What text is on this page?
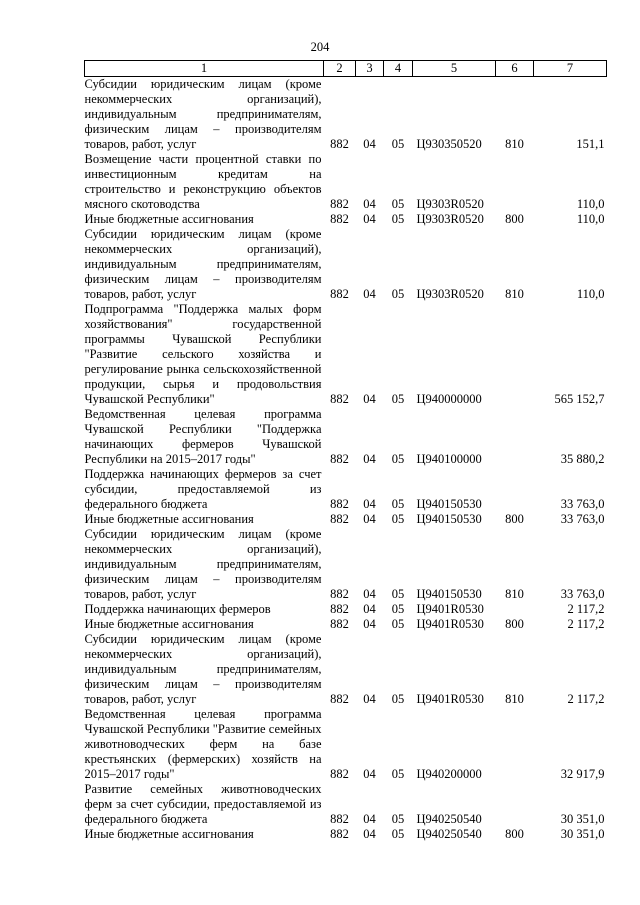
204
1	2	3	4	5	6	7
Субсидии юридическим лицам (кроме некоммерческих организаций), индивидуальным предпринимателям, физическим лицам – производителям товаров, работ, услуг	882	04	05	Ц930350520	810	151,1
Возмещение части процентной ставки по инвестиционным кредитам на строительство и реконструкцию объектов мясного скотоводства	882	04	05	Ц9303R0520		110,0
Иные бюджетные ассигнования	882	04	05	Ц9303R0520	800	110,0
Субсидии юридическим лицам (кроме некоммерческих организаций), индивидуальным предпринимателям, физическим лицам – производителям товаров, работ, услуг	882	04	05	Ц9303R0520	810	110,0
Подпрограмма "Поддержка малых форм хозяйствования" государственной программы Чувашской Республики "Развитие сельского хозяйства и регулирование рынка сельскохозяйственной продукции, сырья и продовольствия Чувашской Республики"	882	04	05	Ц940000000		565 152,7
Ведомственная целевая программа Чувашской Республики "Поддержка начинающих фермеров Чувашской Республики на 2015–2017 годы"	882	04	05	Ц940100000		35 880,2
Поддержка начинающих фермеров за счет субсидии, предоставляемой из федерального бюджета	882	04	05	Ц940150530		33 763,0
Иные бюджетные ассигнования	882	04	05	Ц940150530	800	33 763,0
Субсидии юридическим лицам (кроме некоммерческих организаций), индивидуальным предпринимателям, физическим лицам – производителям товаров, работ, услуг	882	04	05	Ц940150530	810	33 763,0
Поддержка начинающих фермеров	882	04	05	Ц9401R0530		2 117,2
Иные бюджетные ассигнования	882	04	05	Ц9401R0530	800	2 117,2
Субсидии юридическим лицам (кроме некоммерческих организаций), индивидуальным предпринимателям, физическим лицам – производителям товаров, работ, услуг	882	04	05	Ц9401R0530	810	2 117,2
Ведомственная целевая программа Чувашской Республики "Развитие семейных животноводческих ферм на базе крестьянских (фермерских) хозяйств на 2015–2017 годы"	882	04	05	Ц940200000		32 917,9
Развитие семейных животноводческих ферм за счет субсидии, предоставляемой из федерального бюджета	882	04	05	Ц940250540		30 351,0
Иные бюджетные ассигнования	882	04	05	Ц940250540	800	30 351,0
